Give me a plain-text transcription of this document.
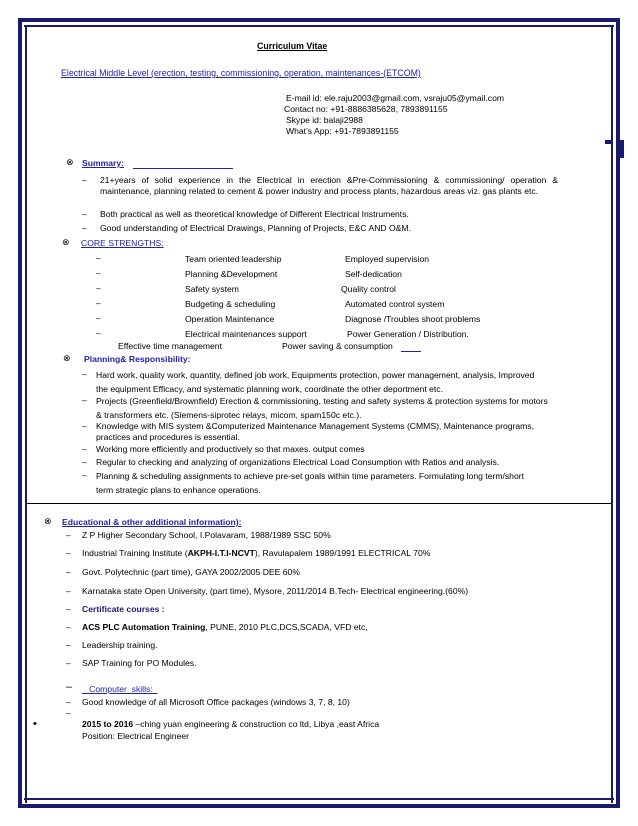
Curriculum Vitae
Electrical Middle Level (erection, testing, commissioning, operation, maintenances-(ETCOM)
E-mail id: ele.raju2003@gmail.com, vsraju05@ymail.com
Contact no: +91-8886385628, 7893891155
Skype id: balaji2988
What’s App: +91-7893891155
⊗ Summary:
– 21+years of solid experience in the Electrical in erection &Pre-Commissioning & commissioning/ operation & maintenance, planning related to cement & power industry and process plants, hazardous areas viz. gas plants etc.
– Both practical as well as theoretical knowledge of Different Electrical Instruments.
– Good understanding of Electrical Drawings, Planning of Projects, E&C AND O&M.
⊗ CORE STRENGTHS:
–	Team oriented leadership	Employed supervision
–	Planning &Development	Self-dedication
–	Safety system	Quality control
–	Budgeting & scheduling	Automated control system
–	Operation Maintenance	Diagnose /Troubles shoot problems
–	Electrical maintenances support	Power Generation / Distribution.
Effective time management	Power saving & consumption
⊗ Planning& Responsibility:
– Hard work, quality work, quantity, defined job work, Equipments protection, power management, analysis, Improved the equipment Efficacy, and systematic planning work, coordinate the other deportment etc.
– Projects (Greenfield/Brownfield) Erection & commissioning, testing and safety systems & protection systems for motors & transformers etc. (Siemens-siprotec relays, micom, spam150c etc.).
– Knowledge with MIS system &Computerized Maintenance Management Systems (CMMS), Maintenance programs, practices and procedures is essential.
– Working more efficiently and productively so that maxes. output comes
– Regular to checking and analyzing of organizations Electrical Load Consumption with Ratios and analysis.
– Planning & scheduling assignments to achieve pre-set goals within time parameters. Formulating long term/short term strategic plans to enhance operations.
⊗ Educational & other additional information):
– Z P Higher Secondary School, I.Polavaram, 1988/1989 SSC 50%
– Industrial Training Institute (AKPH-I.T.I-NCVT), Ravulapalem 1989/1991 ELECTRICAL 70%
– Govt. Polytechnic (part time), GAYA 2002/2005 DEE 60%
– Karnataka state Open University, (part time), Mysore, 2011/2014 B.Tech- Electrical engineering.(60%)
– Certificate courses :
– ACS PLC Automation Training, PUNE, 2010 PLC,DCS,SCADA, VFD etc,
– Leadership training.
– SAP Training for PO Modules.
– Computer  skills:
– Good knowledge of all Microsoft Office packages (windows 3, 7, 8, 10)
–
•	2015 to 2016 –ching yuan engineering & construction co ltd, Libya ,east Africa
Position: Electrical Engineer
